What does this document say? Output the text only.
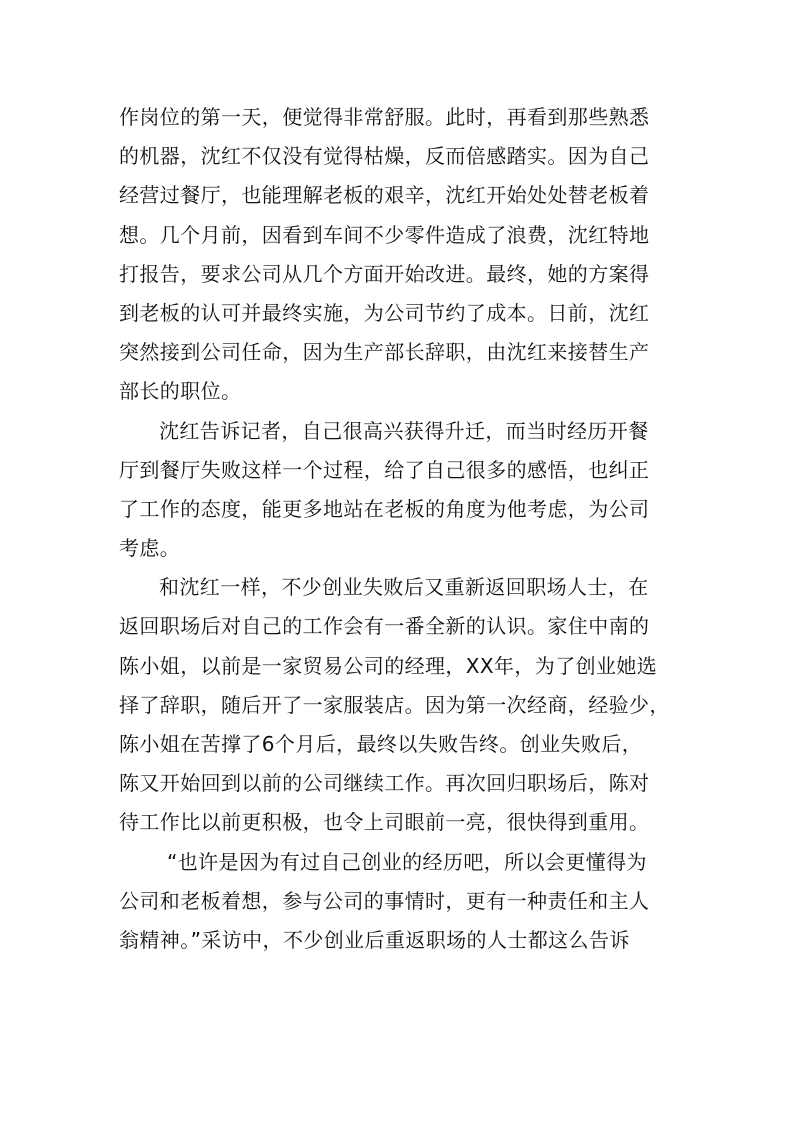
作岗位的第一天，便觉得非常舒服。此时，再看到那些熟悉
的机器，沈红不仅没有觉得枯燥，反而倍感踏实。因为自己
经营过餐厅，也能理解老板的艰辛，沈红开始处处替老板着
想。几个月前，因看到车间不少零件造成了浪费，沈红特地
打报告，要求公司从几个方面开始改进。最终，她的方案得
到老板的认可并最终实施，为公司节约了成本。日前，沈红
突然接到公司任命，因为生产部长辞职，由沈红来接替生产
部长的职位。
沈红告诉记者，自己很高兴获得升迁，而当时经历开餐
厅到餐厅失败这样一个过程，给了自己很多的感悟，也纠正
了工作的态度，能更多地站在老板的角度为他考虑，为公司
考虑。
和沈红一样，不少创业失败后又重新返回职场人士，在
返回职场后对自己的工作会有一番全新的认识。家住中南的
陈小姐，以前是一家贸易公司的经理，XX年，为了创业她选
择了辞职，随后开了一家服装店。因为第一次经商，经验少，
陈小姐在苦撑了6个月后，最终以失败告终。创业失败后，
陈又开始回到以前的公司继续工作。再次回归职场后，陈对
待工作比以前更积极，也令上司眼前一亮，很快得到重用。
“也许是因为有过自己创业的经历吧，所以会更懂得为
公司和老板着想，参与公司的事情时，更有一种责任和主人
翁精神。”采访中，不少创业后重返职场的人士都这么告诉
